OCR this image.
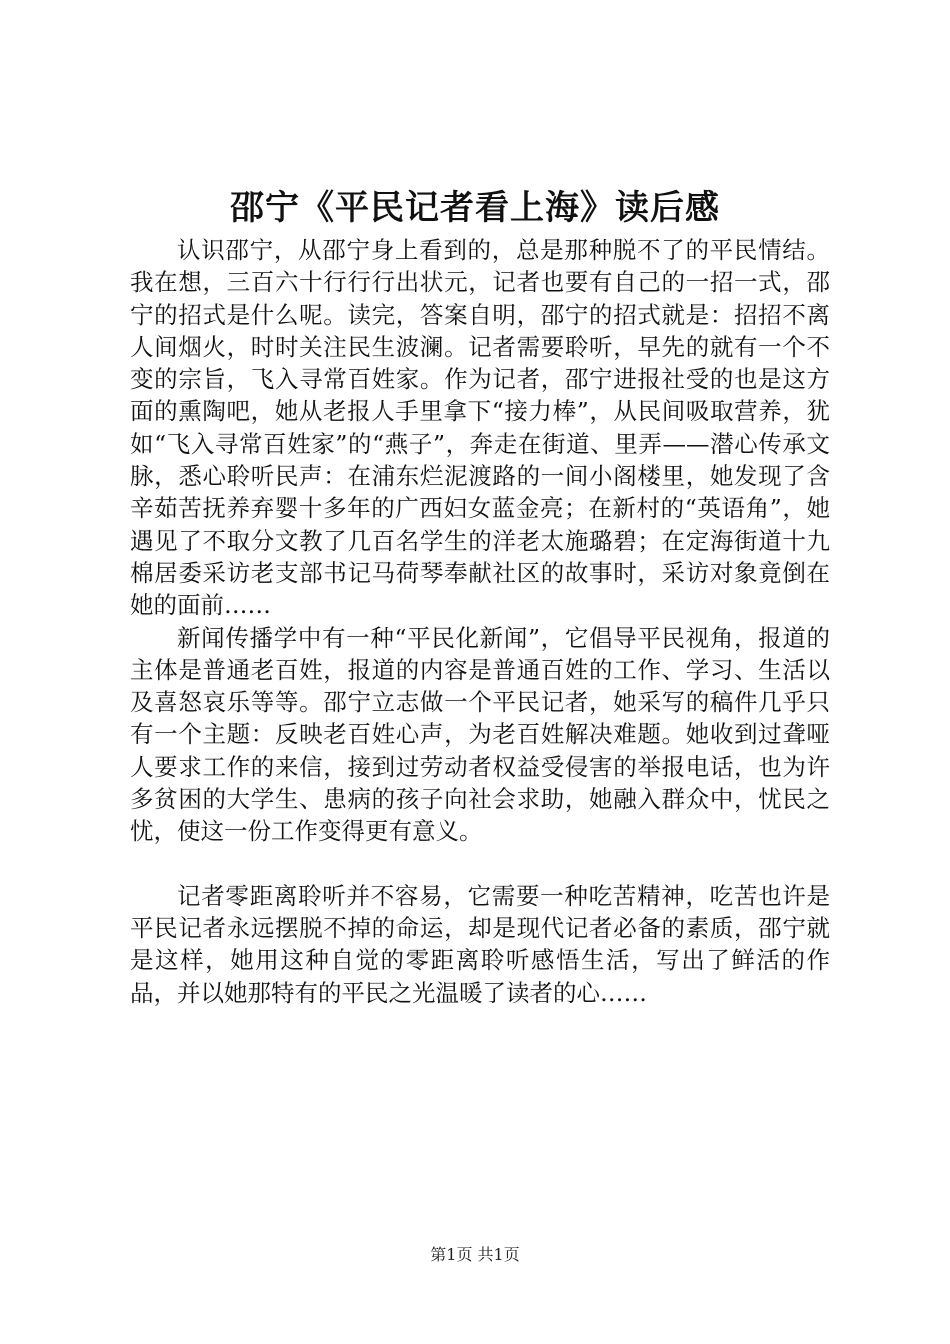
邵宁《平民记者看上海》读后感

认识邵宁，从邵宁身上看到的，总是那种脱不了的平民情结。我在想，三百六十行行行出状元，记者也要有自己的一招一式，邵宁的招式是什么呢。读完，答案自明，邵宁的招式就是：招招不离人间烟火，时时关注民生波澜。记者需要聆听，早先的就有一个不变的宗旨，飞入寻常百姓家。作为记者，邵宁进报社受的也是这方面的熏陶吧，她从老报人手里拿下“接力棒”，从民间吸取营养，犹如“飞入寻常百姓家”的“燕子”，奔走在街道、里弄——潜心传承文脉，悉心聆听民声：在浦东烂泥渡路的一间小阁楼里，她发现了含辛茹苦抚养弃婴十多年的广西妇女蓝金亮；在新村的“英语角”，她遇见了不取分文教了几百名学生的洋老太施璐碧；在定海街道十九棉居委采访老支部书记马荷琴奉献社区的故事时，采访对象竟倒在她的面前……

新闻传播学中有一种“平民化新闻”，它倡导平民视角，报道的主体是普通老百姓，报道的内容是普通百姓的工作、学习、生活以及喜怒哀乐等等。邵宁立志做一个平民记者，她采写的稿件几乎只有一个主题：反映老百姓心声，为老百姓解决难题。她收到过聋哑人要求工作的来信，接到过劳动者权益受侵害的举报电话，也为许多贫困的大学生、患病的孩子向社会求助，她融入群众中，忧民之忧，使这一份工作变得更有意义。

记者零距离聆听并不容易，它需要一种吃苦精神，吃苦也许是平民记者永远摆脱不掉的命运，却是现代记者必备的素质，邵宁就是这样，她用这种自觉的零距离聆听感悟生活，写出了鲜活的作品，并以她那特有的平民之光温暖了读者的心……

第1页 共1页
